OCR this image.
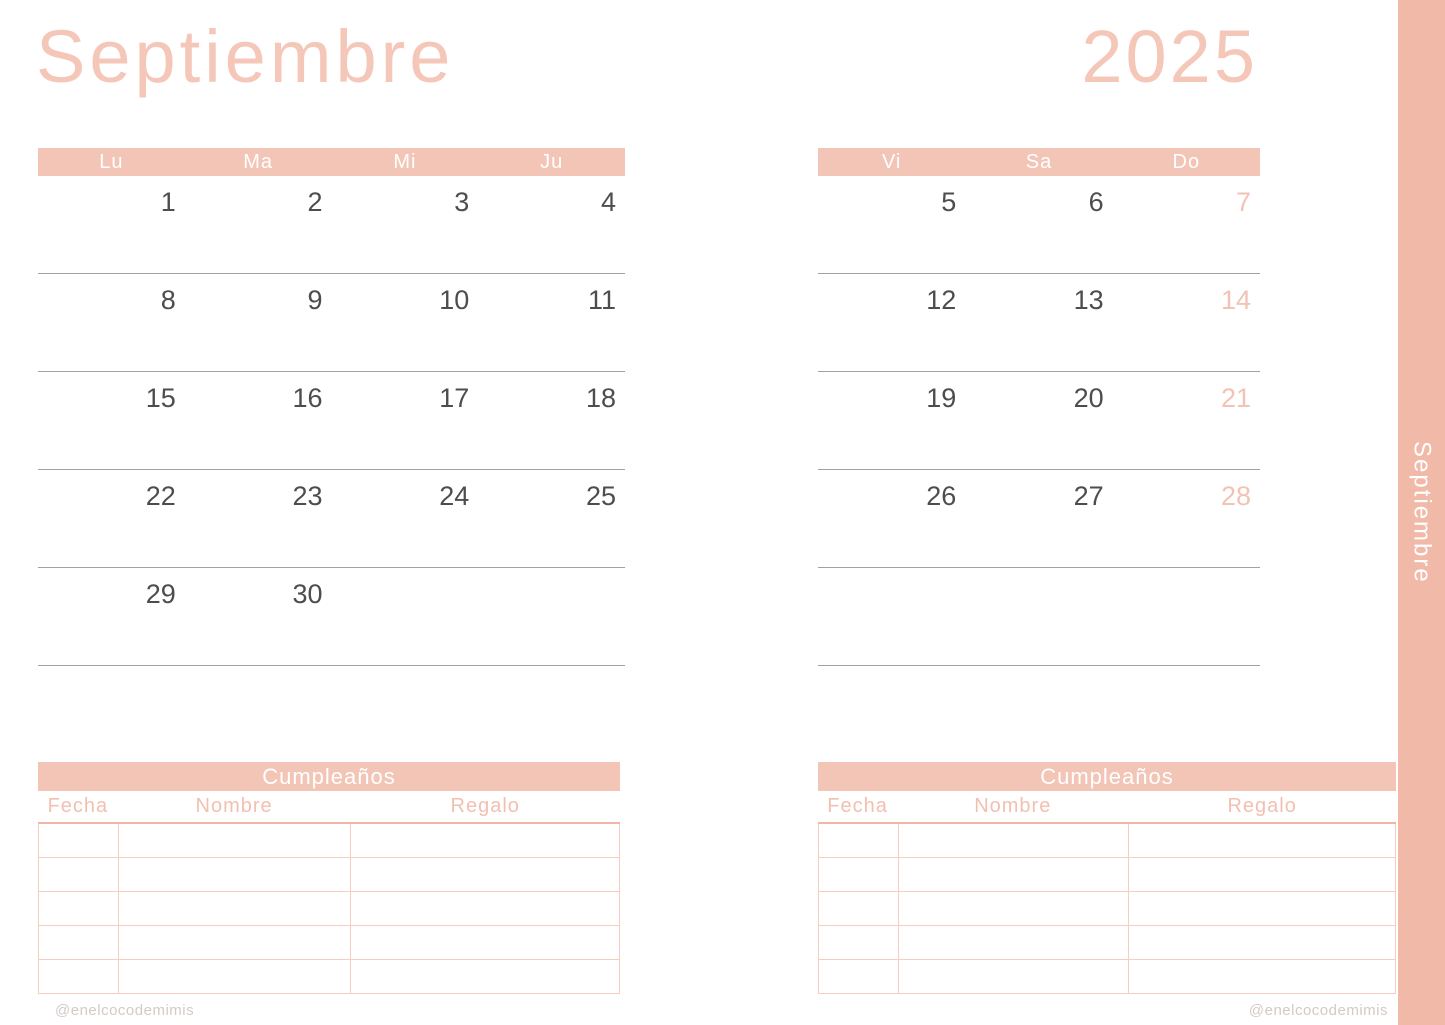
Septiembre	2025
Lu	Ma	Mi	Ju
1	2	3	4
8	9	10	11
15	16	17	18
22	23	24	25
29	30
Vi	Sa	Do
5	6	7
12	13	14
19	20	21
26	27	28
Cumpleaños
Fecha	Nombre	Regalo
Cumpleaños
Fecha	Nombre	Regalo
Septiembre
@enelcocodemimis	@enelcocodemimis
